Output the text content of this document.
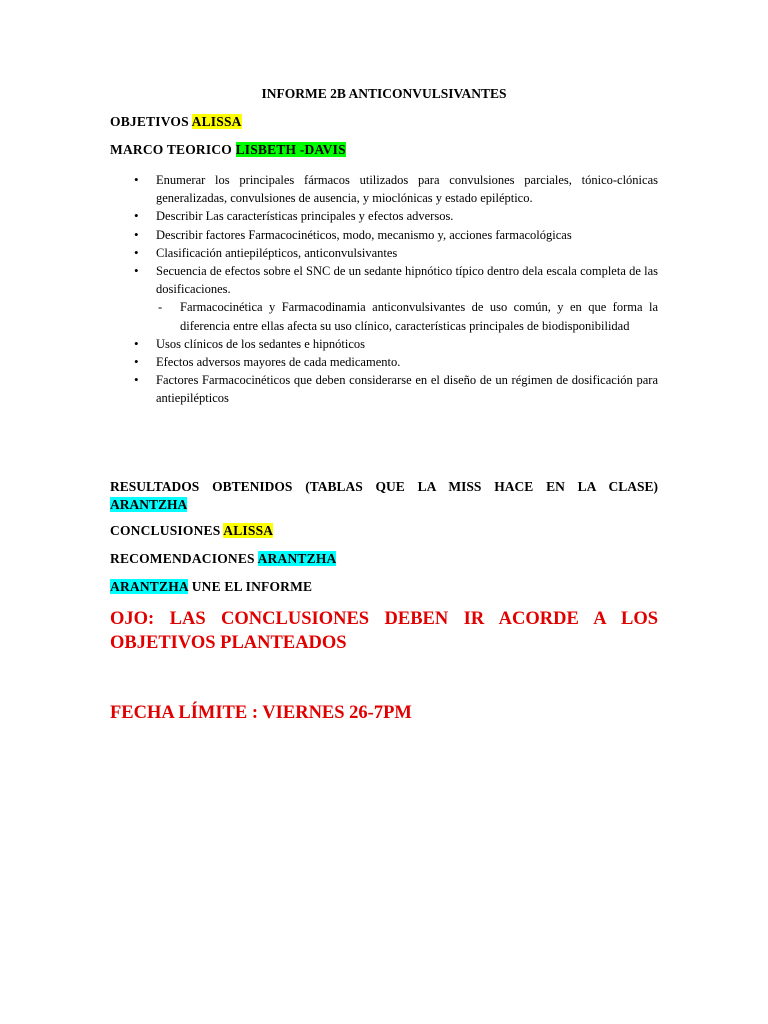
INFORME 2B ANTICONVULSIVANTES
OBJETIVOS ALISSA
MARCO TEORICO LISBETH -DAVIS
• Enumerar los principales fármacos utilizados para convulsiones parciales, tónico-clónicas generalizadas, convulsiones de ausencia, y mioclónicas y estado epiléptico.
• Describir Las características principales y efectos adversos.
• Describir factores Farmacocinéticos, modo, mecanismo y, acciones farmacológicas
• Clasificación antiepilépticos, anticonvulsivantes
• Secuencia de efectos sobre el SNC de un sedante hipnótico típico dentro dela escala completa de las dosificaciones.
- Farmacocinética y Farmacodinamia anticonvulsivantes de uso común, y en que forma la diferencia entre ellas afecta su uso clínico, características principales de biodisponibilidad
• Usos clínicos de los sedantes e hipnóticos
• Efectos adversos mayores de cada medicamento.
• Factores Farmacocinéticos que deben considerarse en el diseño de un régimen de dosificación para antiepilépticos
RESULTADOS OBTENIDOS (TABLAS QUE LA MISS HACE EN LA CLASE)
ARANTZHA
CONCLUSIONES ALISSA
RECOMENDACIONES ARANTZHA
ARANTZHA UNE EL INFORME
OJO: LAS CONCLUSIONES DEBEN IR ACORDE A LOS
OBJETIVOS PLANTEADOS
FECHA LÍMITE : VIERNES 26-7PM
